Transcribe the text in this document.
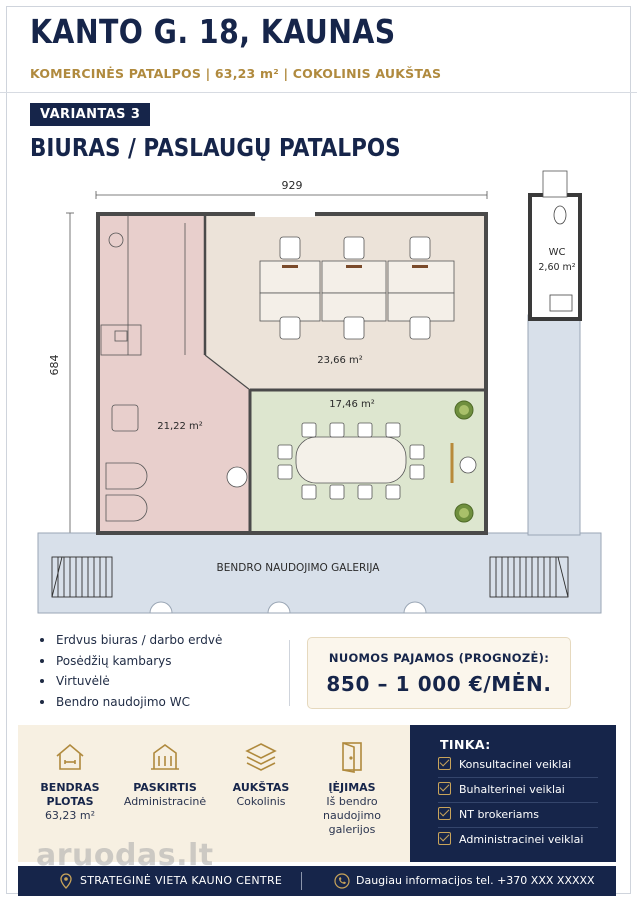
KANTO G. 18, KAUNAS
KOMERCINĖS PATALPOS | 63,23 m² | COKOLINIS AUKŠTAS
VARIANTAS 3
BIURAS / PASLAUGŲ PATALPOS
929
684
BENDRO NAUDOJIMO GALERIJA
WC
2,60 m²
21,22 m²
23,66 m²
17,46 m²
Erdvus biuras / darbo erdvė
Posėdžių kambarys
Virtuvėlė
Bendro naudojimo WC
NUOMOS PAJAMOS (PROGNOZĖ):
850 – 1 000 €/MĖN.
BENDRAS PLOTAS
63,23 m²
PASKIRTIS
Administracinė
AUKŠTAS
Cokolinis
ĮĖJIMAS
Iš bendro naudojimo galerijos
TINKA:
Konsultacinei veiklai
Buhalterinei veiklai
NT brokeriams
Administracinei veiklai
STRATEGINĖ VIETA KAUNO CENTRE	Daugiau informacijos tel. +370 XXX XXXXX
aruodas.lt
